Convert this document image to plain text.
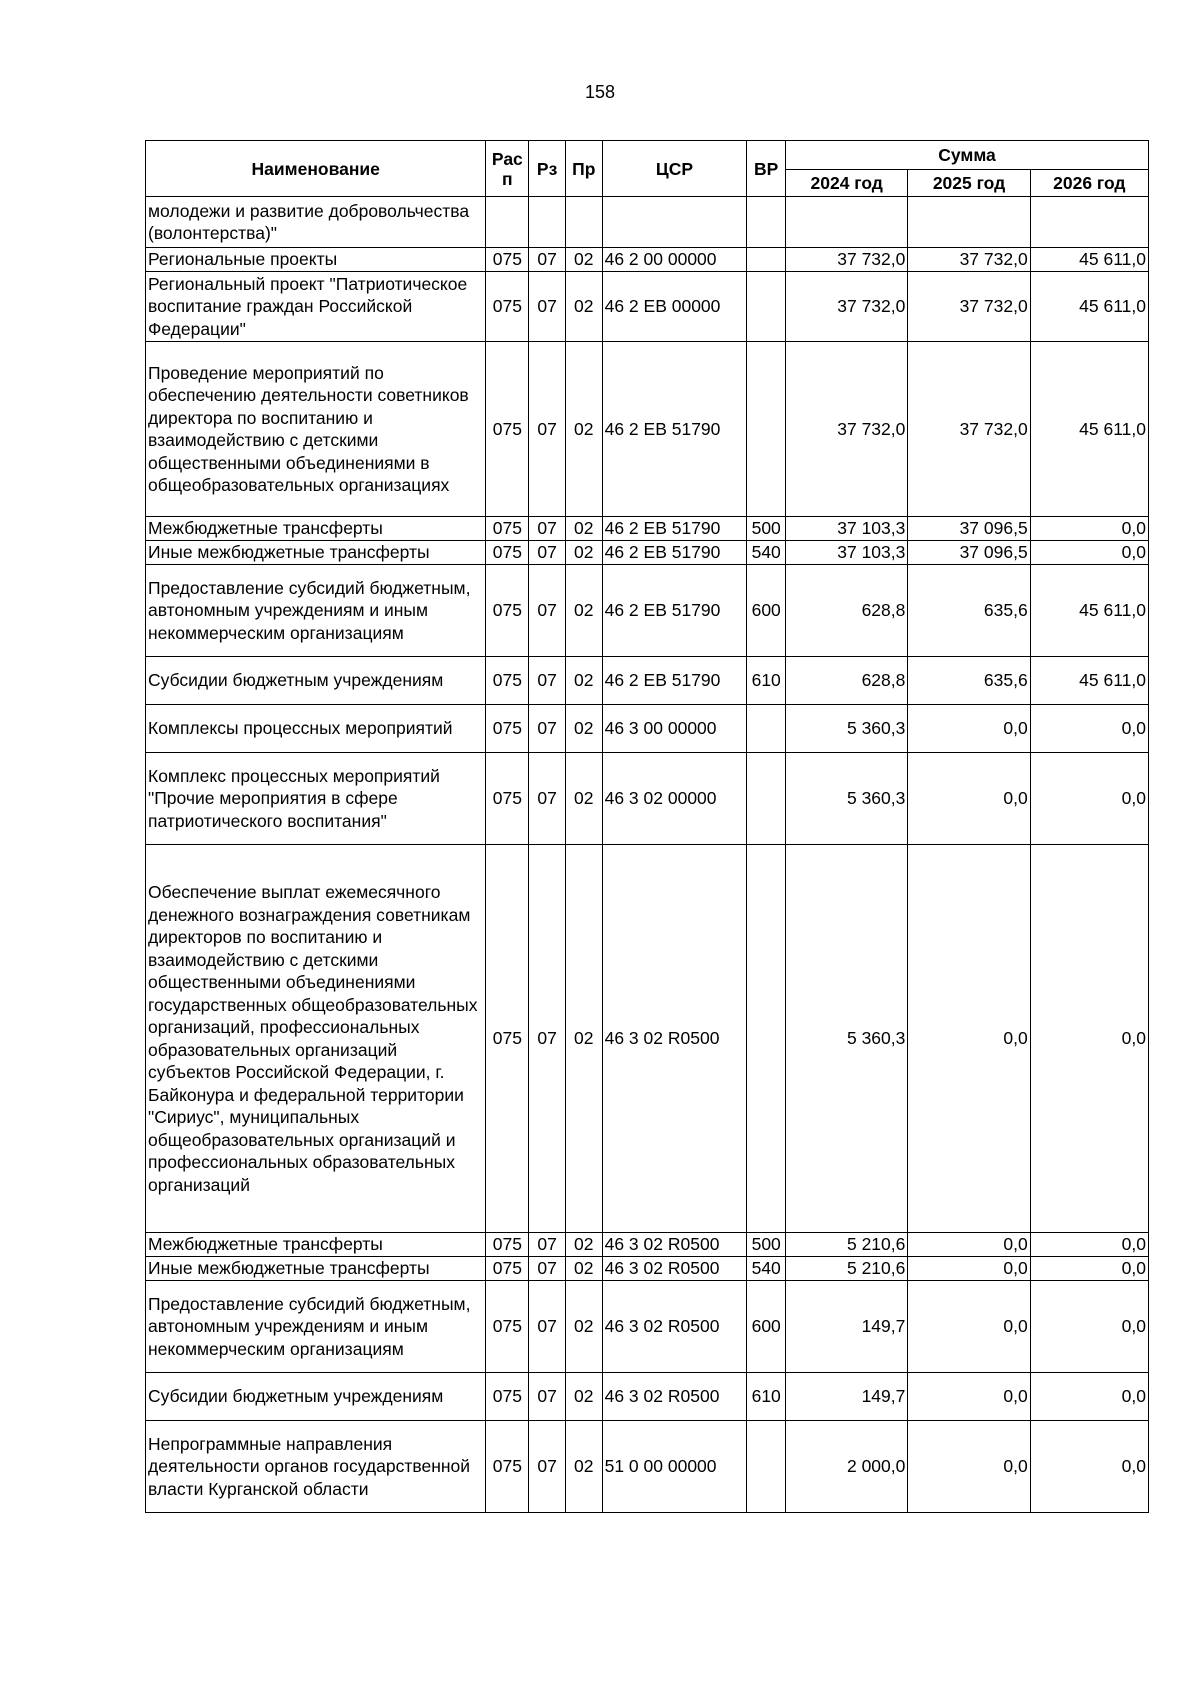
158
Наименование	Рас п	Рз	Пр	ЦСР	ВР	Сумма		
						2024 год	2025 год	2026 год
молодежи и развитие добровольчества (волонтерства)"								
Региональные проекты	075	07	02	46 2 00 00000		37 732,0	37 732,0	45 611,0
Региональный проект "Патриотическое воспитание граждан Российской Федерации"	075	07	02	46 2 ЕВ 00000		37 732,0	37 732,0	45 611,0
Проведение мероприятий по обеспечению деятельности советников директора по воспитанию и взаимодействию с детскими общественными объединениями в общеобразовательных организациях	075	07	02	46 2 ЕВ 51790		37 732,0	37 732,0	45 611,0
Межбюджетные трансферты	075	07	02	46 2 ЕВ 51790	500	37 103,3	37 096,5	0,0
Иные межбюджетные трансферты	075	07	02	46 2 ЕВ 51790	540	37 103,3	37 096,5	0,0
Предоставление субсидий бюджетным, автономным учреждениям и иным некоммерческим организациям	075	07	02	46 2 ЕВ 51790	600	628,8	635,6	45 611,0
Субсидии бюджетным учреждениям	075	07	02	46 2 ЕВ 51790	610	628,8	635,6	45 611,0
Комплексы процессных мероприятий	075	07	02	46 3 00 00000		5 360,3	0,0	0,0
Комплекс процессных мероприятий "Прочие мероприятия в сфере патриотического воспитания"	075	07	02	46 3 02 00000		5 360,3	0,0	0,0
Обеспечение выплат ежемесячного денежного вознаграждения советникам директоров по воспитанию и взаимодействию с детскими общественными объединениями государственных общеобразовательных организаций, профессиональных образовательных организаций субъектов Российской Федерации, г. Байконура и федеральной территории "Сириус", муниципальных общеобразовательных организаций и профессиональных образовательных организаций	075	07	02	46 3 02 R0500		5 360,3	0,0	0,0
Межбюджетные трансферты	075	07	02	46 3 02 R0500	500	5 210,6	0,0	0,0
Иные межбюджетные трансферты	075	07	02	46 3 02 R0500	540	5 210,6	0,0	0,0
Предоставление субсидий бюджетным, автономным учреждениям и иным некоммерческим организациям	075	07	02	46 3 02 R0500	600	149,7	0,0	0,0
Субсидии бюджетным учреждениям	075	07	02	46 3 02 R0500	610	149,7	0,0	0,0
Непрограммные направления деятельности органов государственной власти Курганской области	075	07	02	51 0 00 00000		2 000,0	0,0	0,0
